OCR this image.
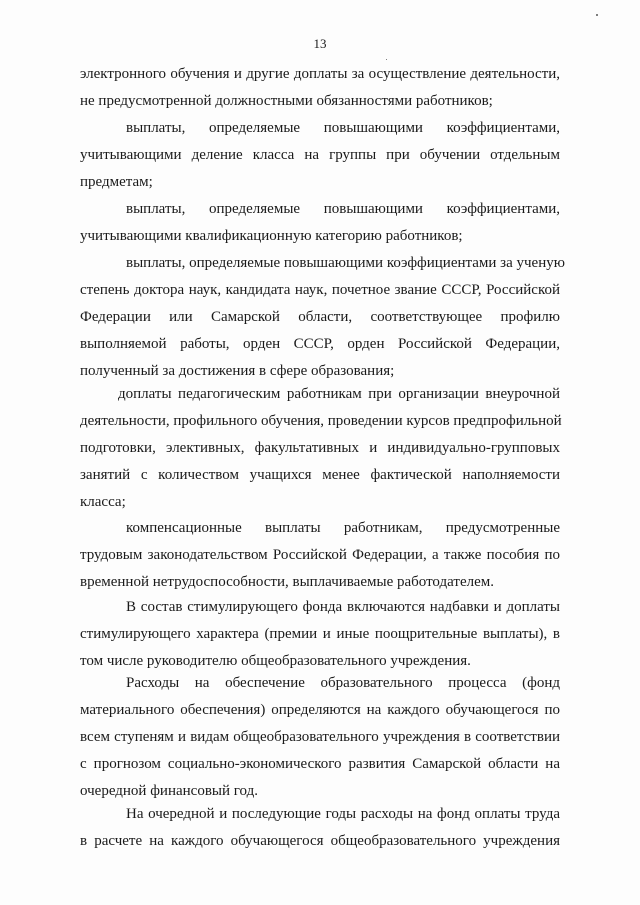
13
электронного обучения и другие доплаты за осуществление деятельности,
не предусмотренной должностными обязанностями работников;
выплаты, определяемые повышающими коэффициентами,
учитывающими деление класса на группы при обучении отдельным
предметам;
выплаты, определяемые повышающими коэффициентами,
учитывающими квалификационную категорию работников;
выплаты, определяемые повышающими коэффициентами за ученую
степень доктора наук, кандидата наук, почетное звание СССР, Российской
Федерации или Самарской области, соответствующее профилю
выполняемой работы, орден СССР, орден Российской Федерации,
полученный за достижения в сфере образования;
доплаты педагогическим работникам при организации внеурочной
деятельности, профильного обучения, проведении курсов предпрофильной
подготовки, элективных, факультативных и индивидуально-групповых
занятий с количеством учащихся менее фактической наполняемости
класса;
компенсационные выплаты работникам, предусмотренные
трудовым законодательством Российской Федерации, а также пособия по
временной нетрудоспособности, выплачиваемые работодателем.
В состав стимулирующего фонда включаются надбавки и доплаты
стимулирующего характера (премии и иные поощрительные выплаты), в
том числе руководителю общеобразовательного учреждения.
Расходы на обеспечение образовательного процесса (фонд
материального обеспечения) определяются на каждого обучающегося по
всем ступеням и видам общеобразовательного учреждения в соответствии
с прогнозом социально-экономического развития Самарской области на
очередной финансовый год.
На очередной и последующие годы расходы на фонд оплаты труда
в расчете на каждого обучающегося общеобразовательного учреждения
